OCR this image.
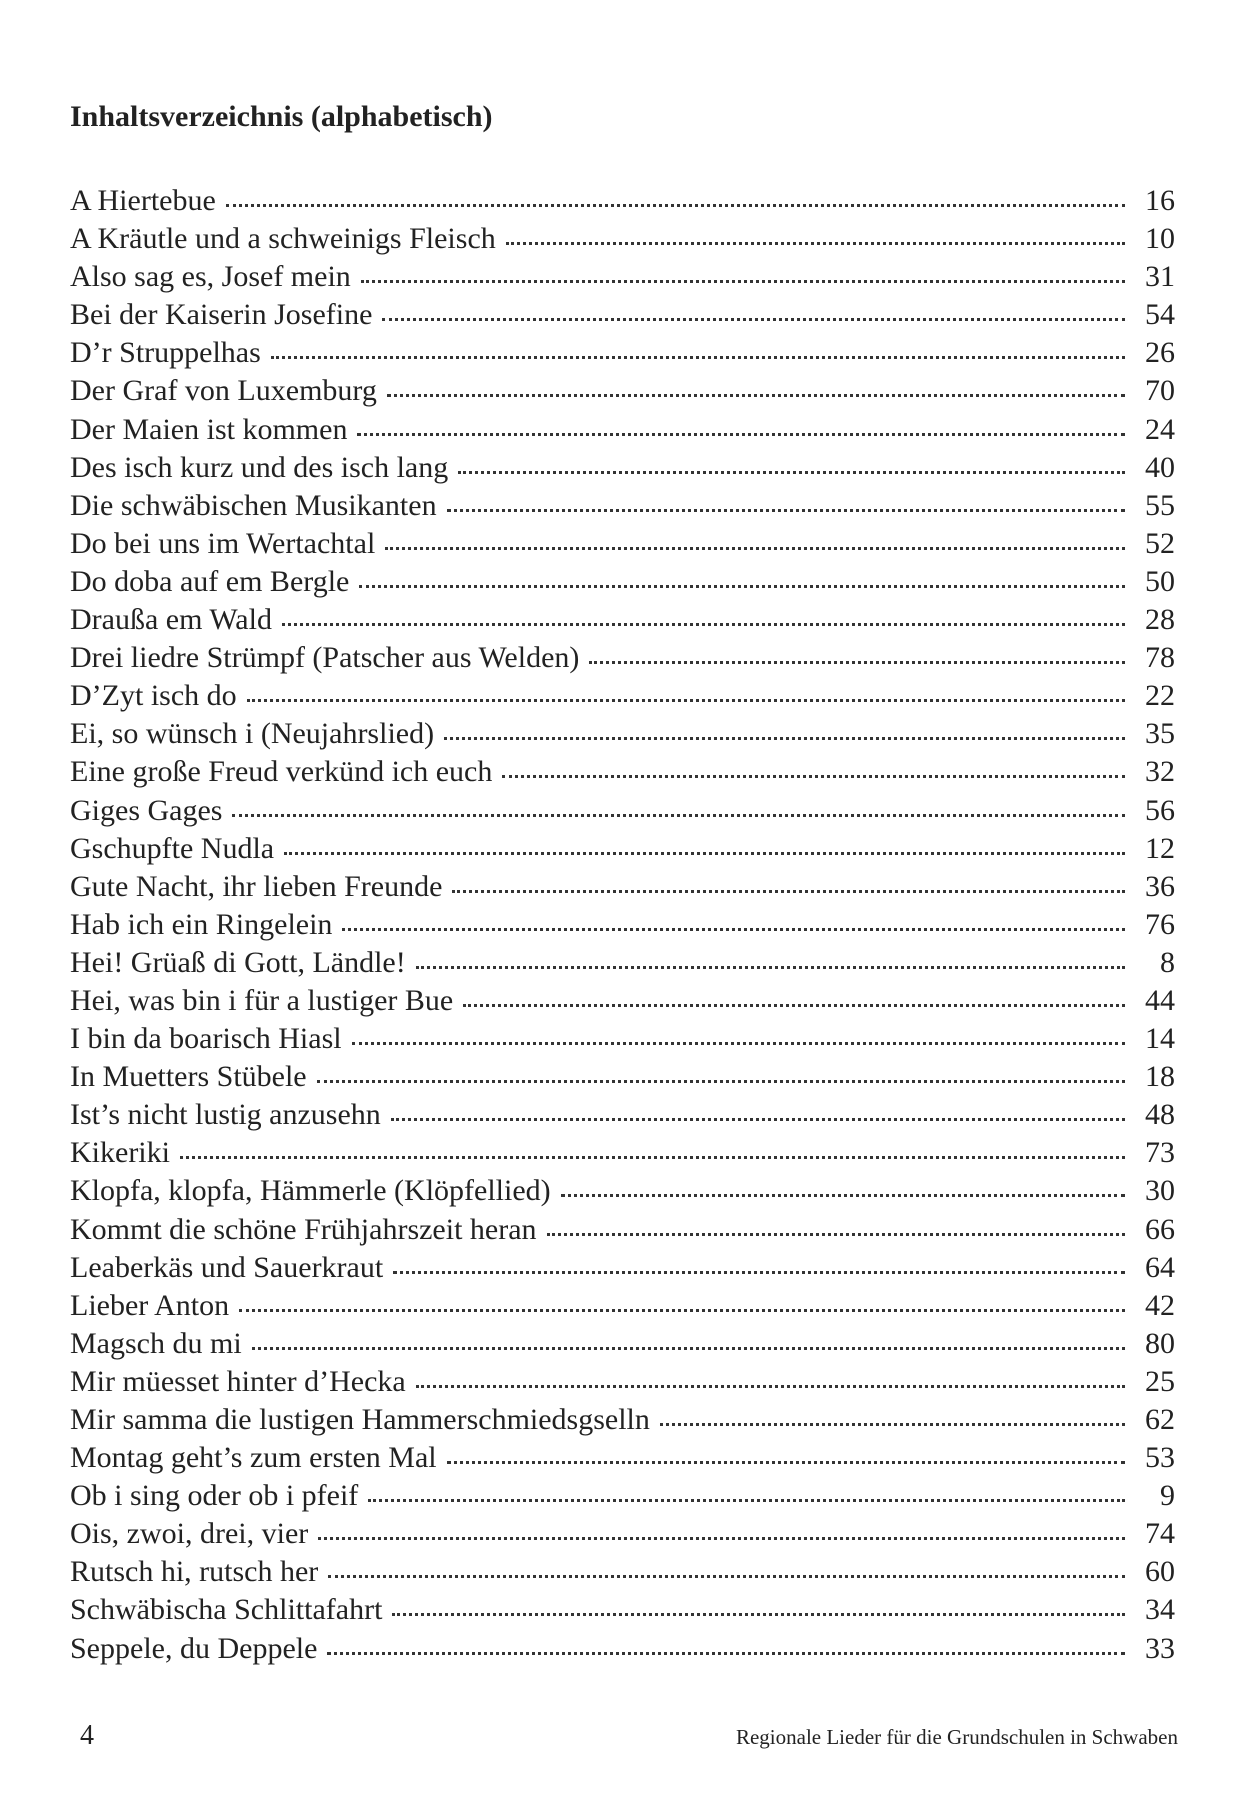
Inhaltsverzeichnis (alphabetisch)
A Hiertebue	16
A Kräutle und a schweinigs Fleisch	10
Also sag es, Josef mein	31
Bei der Kaiserin Josefine	54
D’r Struppelhas	26
Der Graf von Luxemburg	70
Der Maien ist kommen	24
Des isch kurz und des isch lang	40
Die schwäbischen Musikanten	55
Do bei uns im Wertachtal	52
Do doba auf em Bergle	50
Draußa em Wald	28
Drei liedre Strümpf (Patscher aus Welden)	78
D’Zyt isch do	22
Ei, so wünsch i (Neujahrslied)	35
Eine große Freud verkünd ich euch	32
Giges Gages	56
Gschupfte Nudla	12
Gute Nacht, ihr lieben Freunde	36
Hab ich ein Ringelein	76
Hei! Grüaß di Gott, Ländle!	8
Hei, was bin i für a lustiger Bue	44
I bin da boarisch Hiasl	14
In Muetters Stübele	18
Ist’s nicht lustig anzusehn	48
Kikeriki	73
Klopfa, klopfa, Hämmerle (Klöpfellied)	30
Kommt die schöne Frühjahrszeit heran	66
Leaberkäs und Sauerkraut	64
Lieber Anton	42
Magsch du mi	80
Mir müesset hinter d’Hecka	25
Mir samma die lustigen Hammerschmiedsgselln	62
Montag geht’s zum ersten Mal	53
Ob i sing oder ob i pfeif	9
Ois, zwoi, drei, vier	74
Rutsch hi, rutsch her	60
Schwäbischa Schlittafahrt	34
Seppele, du Deppele	33
4	Regionale Lieder für die Grundschulen in Schwaben
